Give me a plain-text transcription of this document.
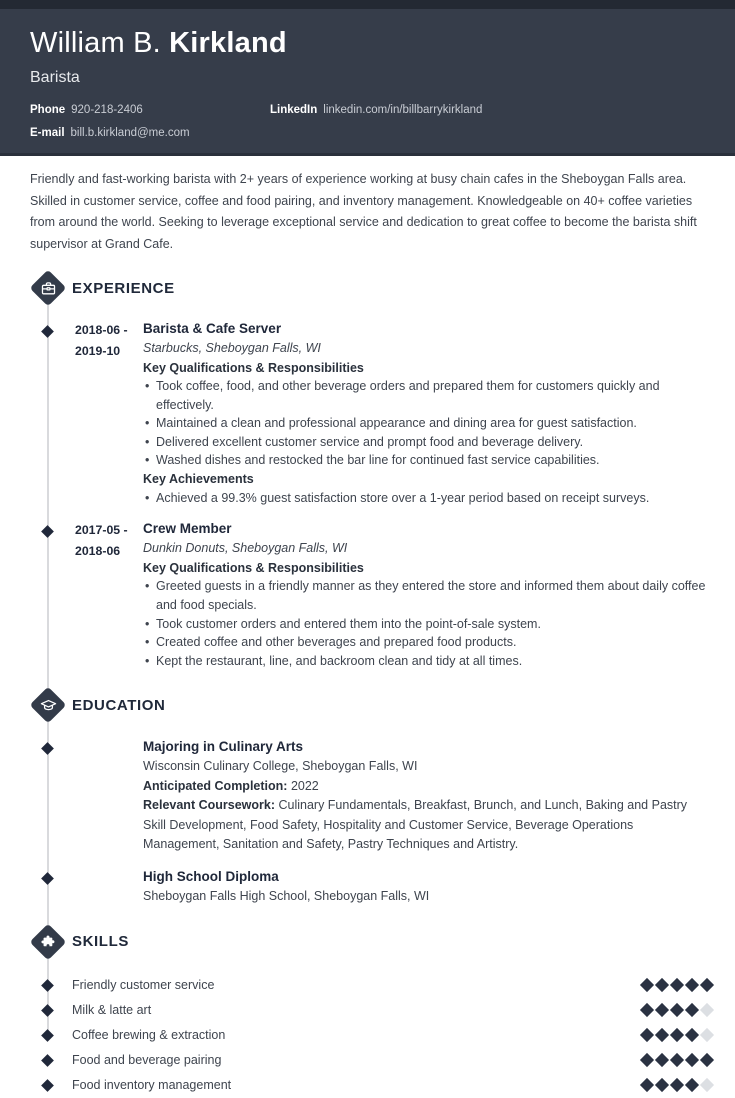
William B. Kirkland
Barista
Phone 920-218-2406	LinkedIn linkedin.com/in/billbarrykirkland
E-mail bill.b.kirkland@me.com

Friendly and fast-working barista with 2+ years of experience working at busy chain cafes in the Sheboygan Falls area. Skilled in customer service, coffee and food pairing, and inventory management. Knowledgeable on 40+ coffee varieties from around the world. Seeking to leverage exceptional service and dedication to great coffee to become the barista shift supervisor at Grand Cafe.

EXPERIENCE
2018-06 -
2019-10
Barista & Cafe Server
Starbucks, Sheboygan Falls, WI
Key Qualifications & Responsibilities
• Took coffee, food, and other beverage orders and prepared them for customers quickly and effectively.
• Maintained a clean and professional appearance and dining area for guest satisfaction.
• Delivered excellent customer service and prompt food and beverage delivery.
• Washed dishes and restocked the bar line for continued fast service capabilities.
Key Achievements
• Achieved a 99.3% guest satisfaction store over a 1-year period based on receipt surveys.
2017-05 -
2018-06
Crew Member
Dunkin Donuts, Sheboygan Falls, WI
Key Qualifications & Responsibilities
• Greeted guests in a friendly manner as they entered the store and informed them about daily coffee and food specials.
• Took customer orders and entered them into the point-of-sale system.
• Created coffee and other beverages and prepared food products.
• Kept the restaurant, line, and backroom clean and tidy at all times.
EDUCATION
Majoring in Culinary Arts
Wisconsin Culinary College, Sheboygan Falls, WI
Anticipated Completion: 2022
Relevant Coursework: Culinary Fundamentals, Breakfast, Brunch, and Lunch, Baking and Pastry Skill Development, Food Safety, Hospitality and Customer Service, Beverage Operations Management, Sanitation and Safety, Pastry Techniques and Artistry.
High School Diploma
Sheboygan Falls High School, Sheboygan Falls, WI
SKILLS
Friendly customer service
Milk & latte art
Coffee brewing & extraction
Food and beverage pairing
Food inventory management
